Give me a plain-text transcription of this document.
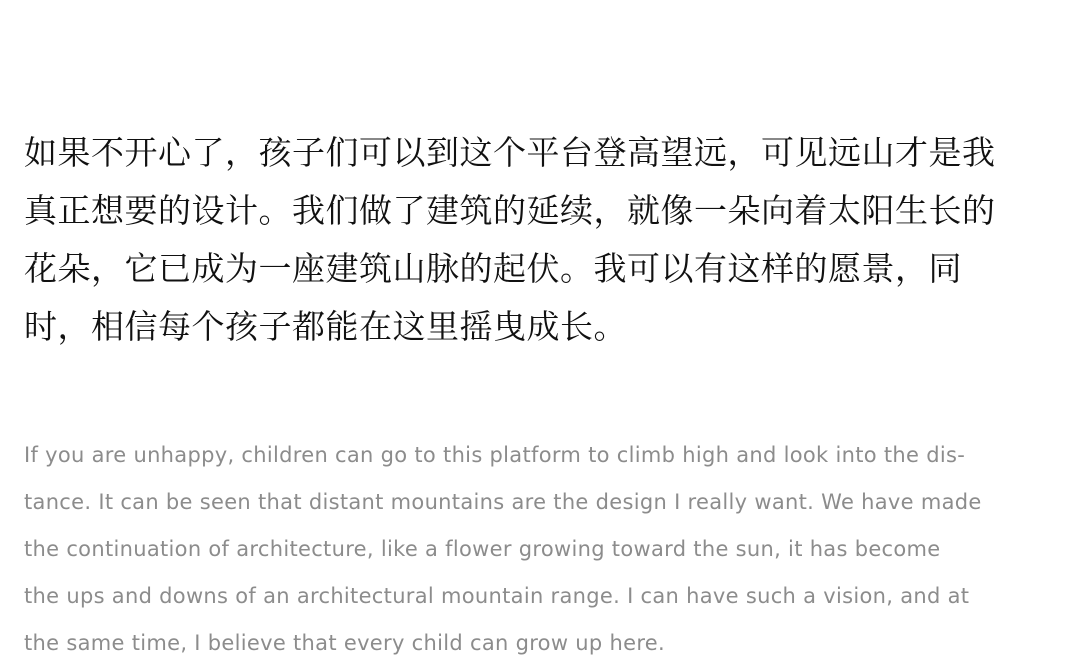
如果不开心了，孩子们可以到这个平台登高望远，可见远山才是我
真正想要的设计。我们做了建筑的延续，就像一朵向着太阳生长的
花朵，它已成为一座建筑山脉的起伏。我可以有这样的愿景，同
时，相信每个孩子都能在这里摇曳成长。
If you are unhappy, children can go to this platform to climb high and look into the dis-
tance. It can be seen that distant mountains are the design I really want. We have made
the continuation of architecture, like a flower growing toward the sun, it has become
the ups and downs of an architectural mountain range. I can have such a vision, and at
the same time, I believe that every child can grow up here.
